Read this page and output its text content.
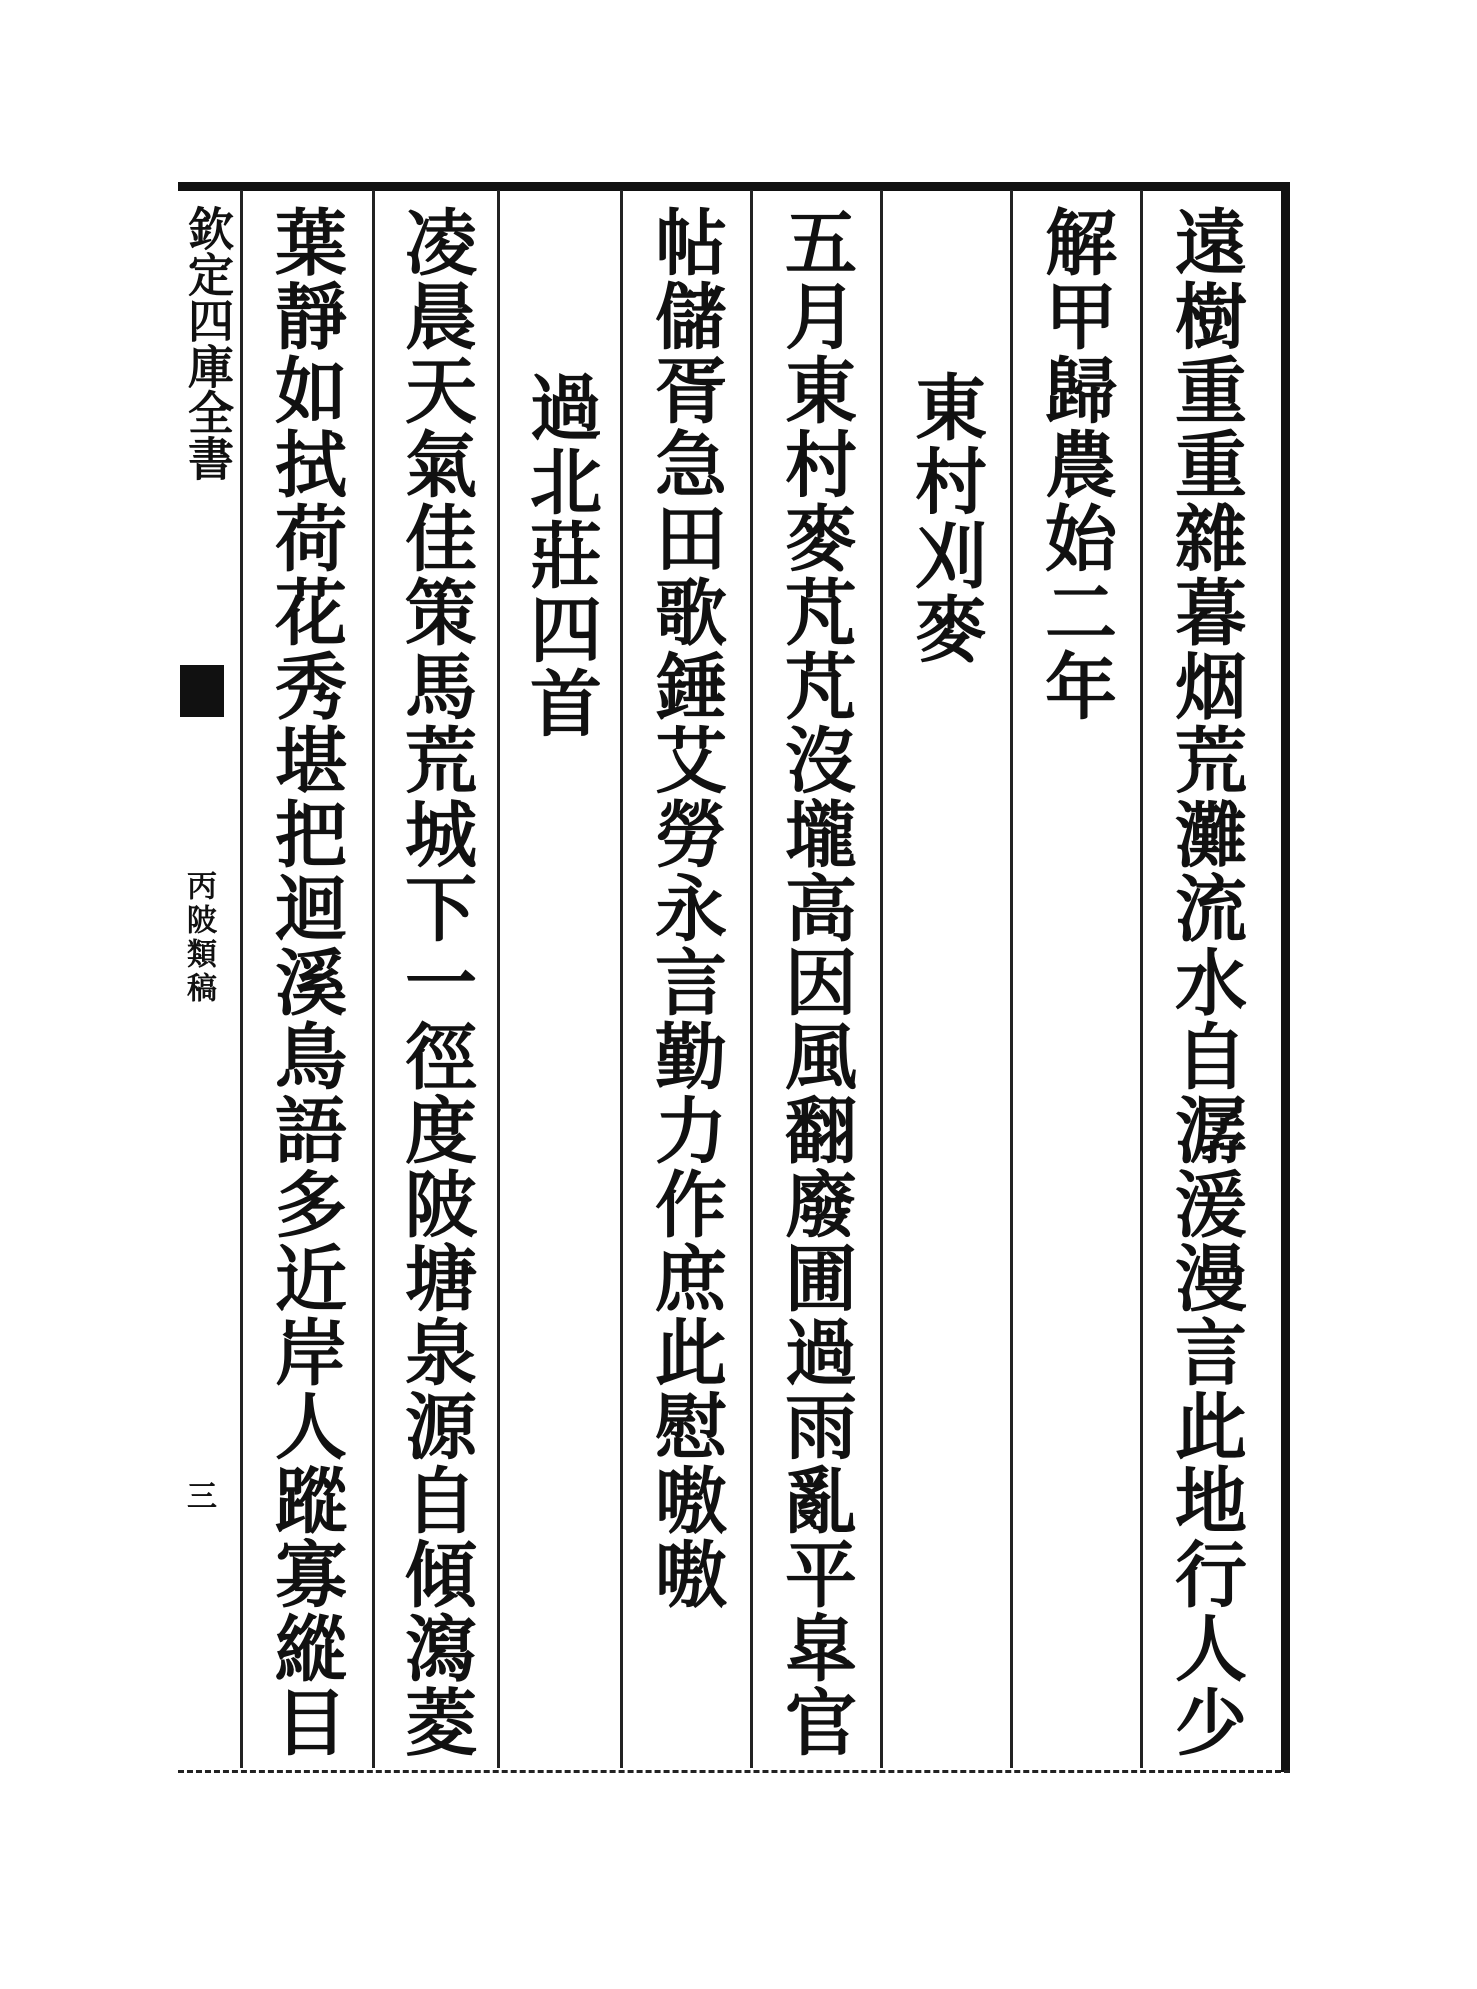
欽定四庫全書
丙陂類稿
三	遠樹重重雜暮烟荒灘流水自潺湲漫言此地行人少
解甲歸農始二年
東村刈麥
五月東村麥芃芃沒壠高因風翻廢圃過雨亂平皐官
帖儲胥急田歌錘艾勞永言勤力作庶此慰嗷嗷
過北莊四首
凌晨天氣佳策馬荒城下一徑度陂塘泉源自傾瀉菱
葉靜如拭荷花秀堪把迴溪鳥語多近岸人蹤寡縱目
